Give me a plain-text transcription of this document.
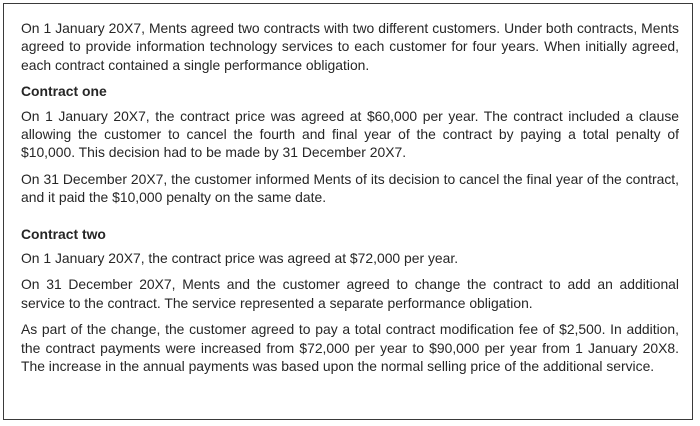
On 1 January 20X7, Ments agreed two contracts with two different customers. Under both contracts, Ments agreed to provide information technology services to each customer for four years. When initially agreed, each contract contained a single performance obligation.

Contract one

On 1 January 20X7, the contract price was agreed at $60,000 per year. The contract included a clause allowing the customer to cancel the fourth and final year of the contract by paying a total penalty of $10,000. This decision had to be made by 31 December 20X7.

On 31 December 20X7, the customer informed Ments of its decision to cancel the final year of the contract, and it paid the $10,000 penalty on the same date.

Contract two

On 1 January 20X7, the contract price was agreed at $72,000 per year.

On 31 December 20X7, Ments and the customer agreed to change the contract to add an additional service to the contract. The service represented a separate performance obligation.

As part of the change, the customer agreed to pay a total contract modification fee of $2,500. In addition, the contract payments were increased from $72,000 per year to $90,000 per year from 1 January 20X8. The increase in the annual payments was based upon the normal selling price of the additional service.
